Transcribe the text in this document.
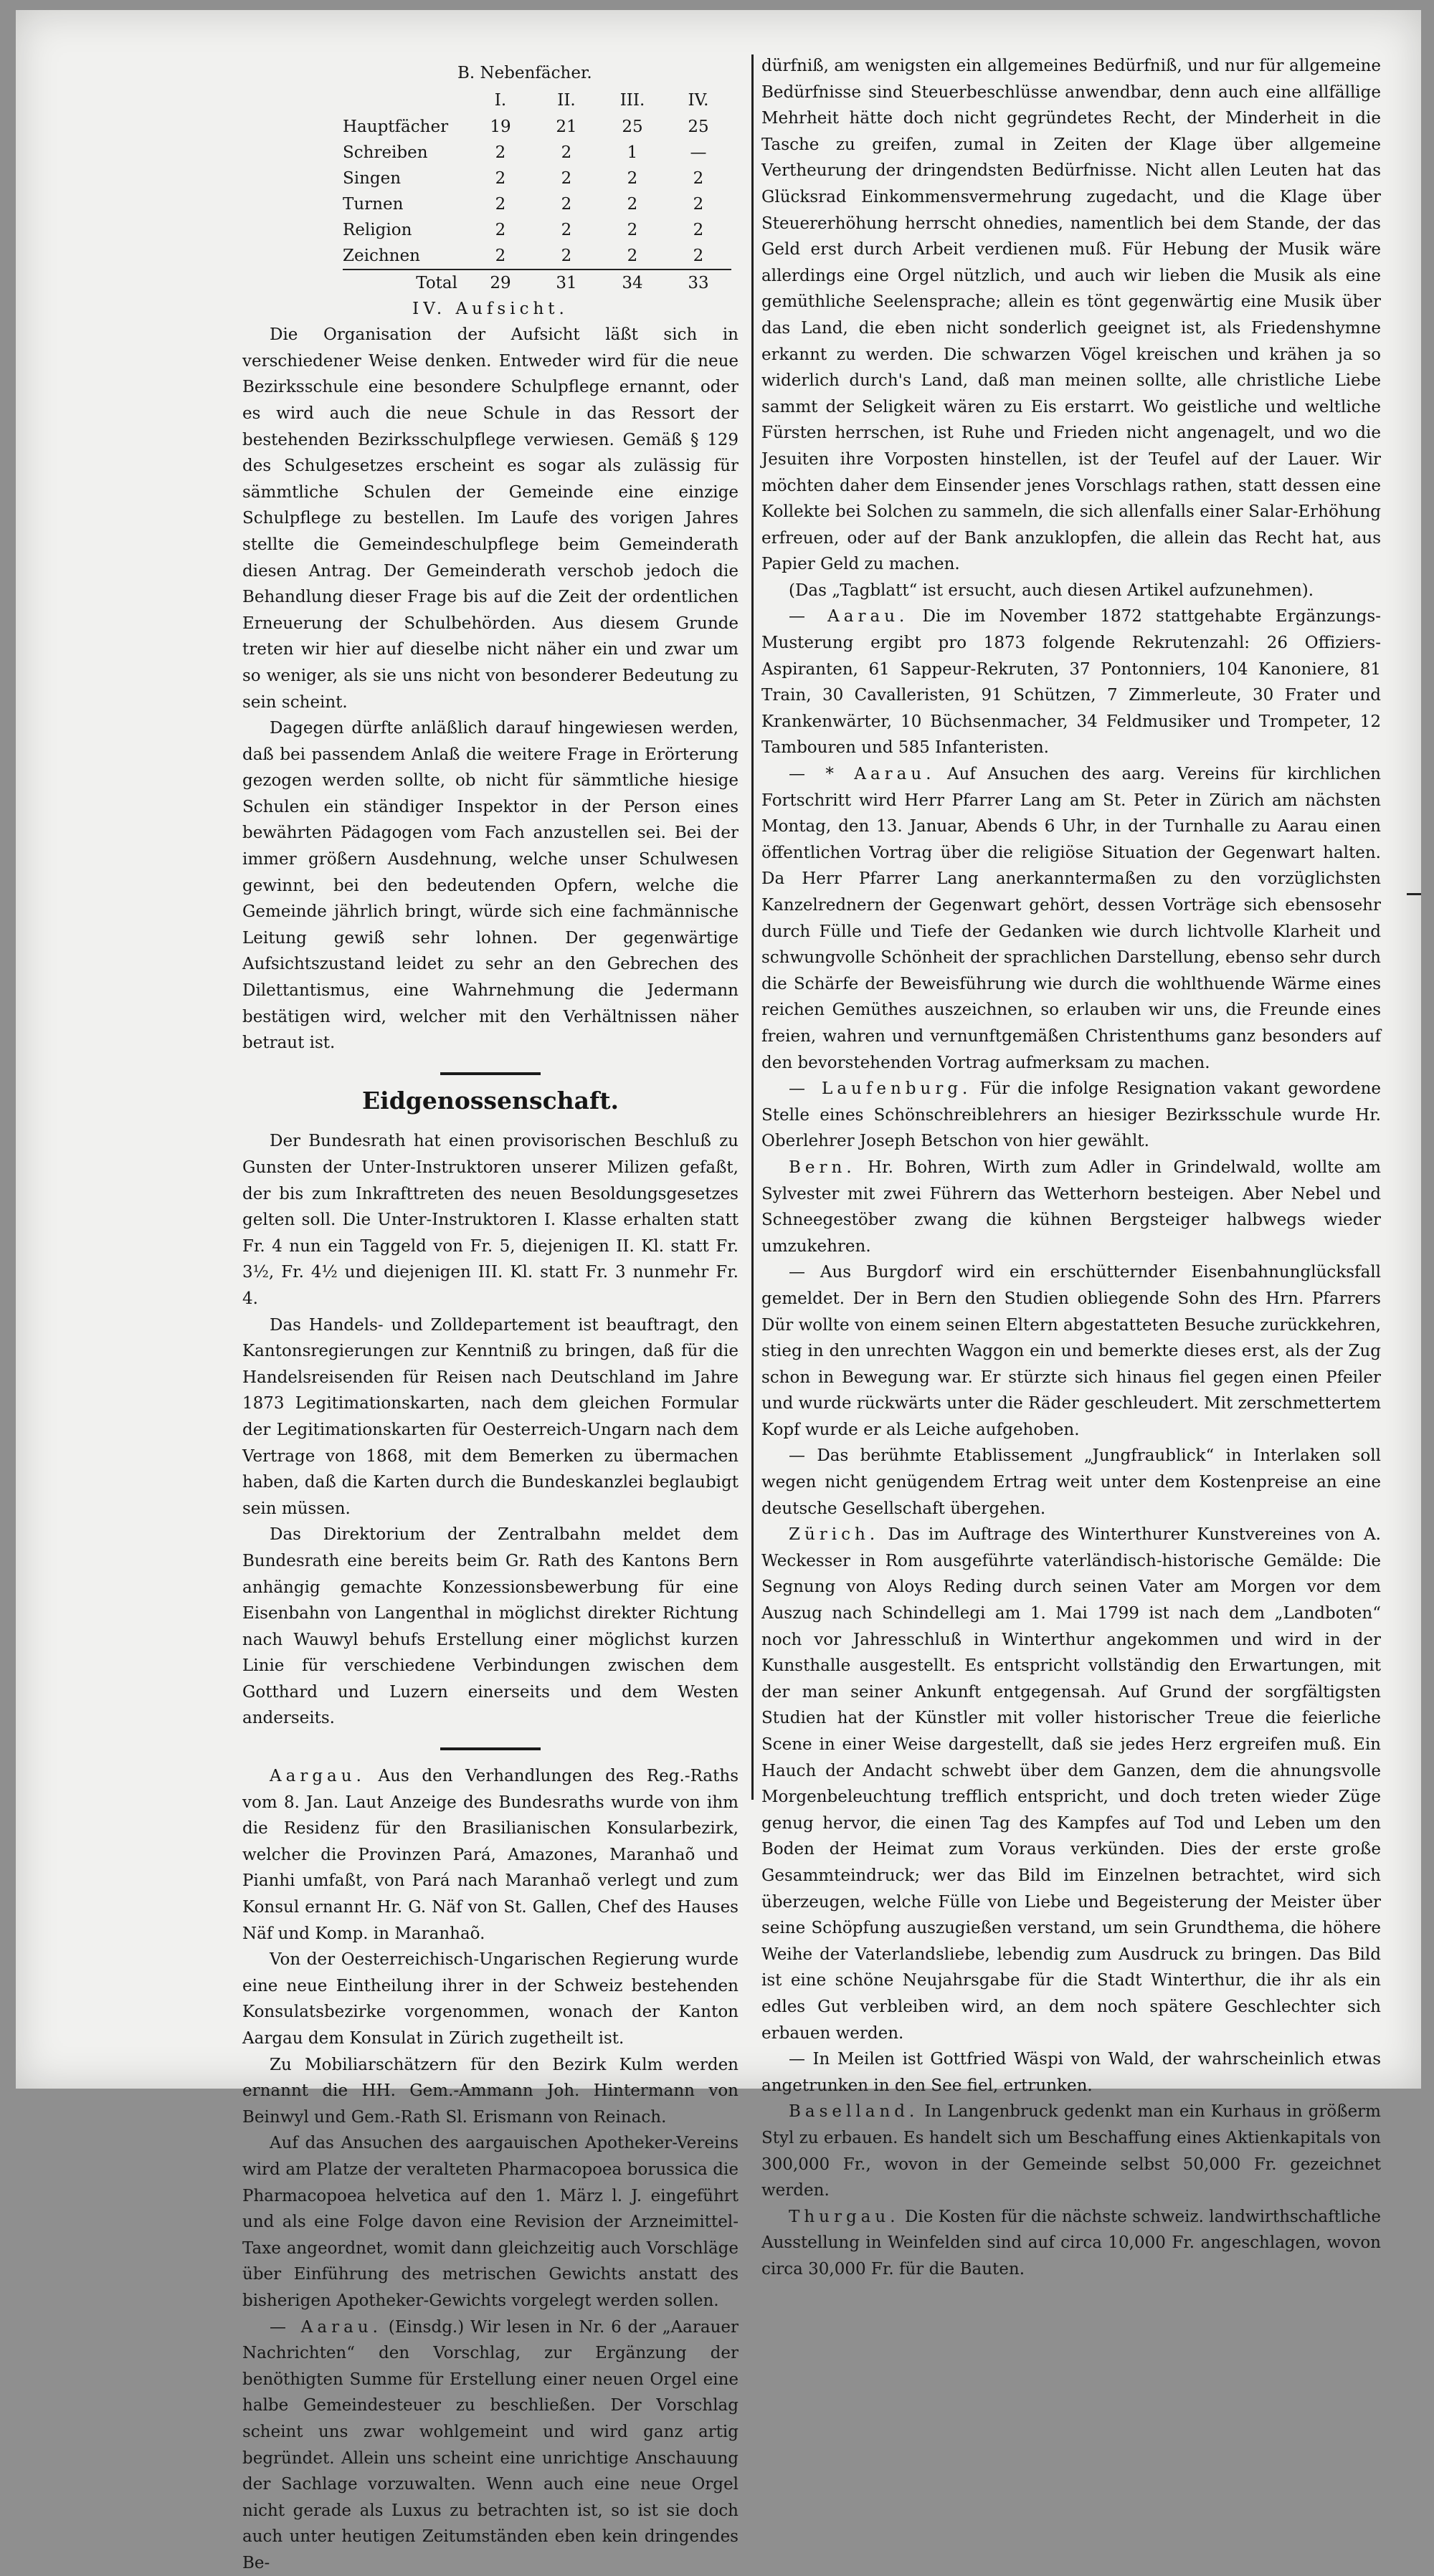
B. Nebenfächer.
	I.	II.	III.	IV.
Hauptfächer	19	21	25	25
Schreiben	2	2	1	—
Singen	2	2	2	2
Turnen	2	2	2	2
Religion	2	2	2	2
Zeichnen	2	2	2	2
Total	29	31	34	33

IV. Aufsicht.

Die Organisation der Aufsicht läßt sich in verschiedener Weise denken. Entweder wird für die neue Bezirksschule eine besondere Schulpflege ernannt, oder es wird auch die neue Schule in das Ressort der bestehenden Bezirksschulpflege verwiesen. Gemäß § 129 des Schulgesetzes erscheint es sogar als zulässig für sämmtliche Schulen der Gemeinde eine einzige Schulpflege zu bestellen. Im Laufe des vorigen Jahres stellte die Gemeindeschulpflege beim Gemeinderath diesen Antrag. Der Gemeinderath verschob jedoch die Behandlung dieser Frage bis auf die Zeit der ordentlichen Erneuerung der Schulbehörden. Aus diesem Grunde treten wir hier auf dieselbe nicht näher ein und zwar um so weniger, als sie uns nicht von besonderer Bedeutung zu sein scheint.

Dagegen dürfte anläßlich darauf hingewiesen werden, daß bei passendem Anlaß die weitere Frage in Erörterung gezogen werden sollte, ob nicht für sämmtliche hiesige Schulen ein ständiger Inspektor in der Person eines bewährten Pädagogen vom Fach anzustellen sei. Bei der immer größern Ausdehnung, welche unser Schulwesen gewinnt, bei den bedeutenden Opfern, welche die Gemeinde jährlich bringt, würde sich eine fachmännische Leitung gewiß sehr lohnen. Der gegenwärtige Aufsichtszustand leidet zu sehr an den Gebrechen des Dilettantismus, eine Wahrnehmung die Jedermann bestätigen wird, welcher mit den Verhältnissen näher betraut ist.

Eidgenossenschaft.

Der Bundesrath hat einen provisorischen Beschluß zu Gunsten der Unter-Instruktoren unserer Milizen gefaßt, der bis zum Inkrafttreten des neuen Besoldungsgesetzes gelten soll. Die Unter-Instruktoren I. Klasse erhalten statt Fr. 4 nun ein Taggeld von Fr. 5, diejenigen II. Kl. statt Fr. 3½, Fr. 4½ und diejenigen III. Kl. statt Fr. 3 nunmehr Fr. 4.

Das Handels- und Zolldepartement ist beauftragt, den Kantonsregierungen zur Kenntniß zu bringen, daß für die Handelsreisenden für Reisen nach Deutschland im Jahre 1873 Legitimationskarten, nach dem gleichen Formular der Legitimationskarten für Oesterreich-Ungarn nach dem Vertrage von 1868, mit dem Bemerken zu übermachen haben, daß die Karten durch die Bundeskanzlei beglaubigt sein müssen.

Das Direktorium der Zentralbahn meldet dem Bundesrath eine bereits beim Gr. Rath des Kantons Bern anhängig gemachte Konzessionsbewerbung für eine Eisenbahn von Langenthal in möglichst direkter Richtung nach Wauwyl behufs Erstellung einer möglichst kurzen Linie für verschiedene Verbindungen zwischen dem Gotthard und Luzern einerseits und dem Westen anderseits.

Aargau. Aus den Verhandlungen des Reg.-Raths vom 8. Jan. Laut Anzeige des Bundesraths wurde von ihm die Residenz für den Brasilianischen Konsularbezirk, welcher die Provinzen Pará, Amazones, Maranhaõ und Pianhi umfaßt, von Pará nach Maranhaõ verlegt und zum Konsul ernannt Hr. G. Näf von St. Gallen, Chef des Hauses Näf und Komp. in Maranhaõ.

Von der Oesterreichisch-Ungarischen Regierung wurde eine neue Eintheilung ihrer in der Schweiz bestehenden Konsulatsbezirke vorgenommen, wonach der Kanton Aargau dem Konsulat in Zürich zugetheilt ist.

Zu Mobiliarschätzern für den Bezirk Kulm werden ernannt die HH. Gem.-Ammann Joh. Hintermann von Beinwyl und Gem.-Rath Sl. Erismann von Reinach.

Auf das Ansuchen des aargauischen Apotheker-Vereins wird am Platze der veralteten Pharmacopoea borussica die Pharmacopoea helvetica auf den 1. März l. J. eingeführt und als eine Folge davon eine Revision der Arzneimittel-Taxe angeordnet, womit dann gleichzeitig auch Vorschläge über Einführung des metrischen Gewichts anstatt des bisherigen Apotheker-Gewichts vorgelegt werden sollen.

— Aarau. (Einsdg.) Wir lesen in Nr. 6 der „Aarauer Nachrichten“ den Vorschlag, zur Ergänzung der benöthigten Summe für Erstellung einer neuen Orgel eine halbe Gemeindesteuer zu beschließen. Der Vorschlag scheint uns zwar wohlgemeint und wird ganz artig begründet. Allein uns scheint eine unrichtige Anschauung der Sachlage vorzuwalten. Wenn auch eine neue Orgel nicht gerade als Luxus zu betrachten ist, so ist sie doch auch unter heutigen Zeitumständen eben kein dringendes Be-

dürfniß, am wenigsten ein allgemeines Bedürfniß, und nur für allgemeine Bedürfnisse sind Steuerbeschlüsse anwendbar, denn auch eine allfällige Mehrheit hätte doch nicht gegründetes Recht, der Minderheit in die Tasche zu greifen, zumal in Zeiten der Klage über allgemeine Vertheurung der dringendsten Bedürfnisse. Nicht allen Leuten hat das Glücksrad Einkommensvermehrung zugedacht, und die Klage über Steuererhöhung herrscht ohnedies, namentlich bei dem Stande, der das Geld erst durch Arbeit verdienen muß. Für Hebung der Musik wäre allerdings eine Orgel nützlich, und auch wir lieben die Musik als eine gemüthliche Seelensprache; allein es tönt gegenwärtig eine Musik über das Land, die eben nicht sonderlich geeignet ist, als Friedenshymne erkannt zu werden. Die schwarzen Vögel kreischen und krähen ja so widerlich durch's Land, daß man meinen sollte, alle christliche Liebe sammt der Seligkeit wären zu Eis erstarrt. Wo geistliche und weltliche Fürsten herrschen, ist Ruhe und Frieden nicht angenagelt, und wo die Jesuiten ihre Vorposten hinstellen, ist der Teufel auf der Lauer. Wir möchten daher dem Einsender jenes Vorschlags rathen, statt dessen eine Kollekte bei Solchen zu sammeln, die sich allenfalls einer Salar-Erhöhung erfreuen, oder auf der Bank anzuklopfen, die allein das Recht hat, aus Papier Geld zu machen.

(Das „Tagblatt“ ist ersucht, auch diesen Artikel aufzunehmen).

— Aarau. Die im November 1872 stattgehabte Ergänzungs-Musterung ergibt pro 1873 folgende Rekrutenzahl: 26 Offiziers-Aspiranten, 61 Sappeur-Rekruten, 37 Pontonniers, 104 Kanoniere, 81 Train, 30 Cavalleristen, 91 Schützen, 7 Zimmerleute, 30 Frater und Krankenwärter, 10 Büchsenmacher, 34 Feldmusiker und Trompeter, 12 Tambouren und 585 Infanteristen.

— * Aarau. Auf Ansuchen des aarg. Vereins für kirchlichen Fortschritt wird Herr Pfarrer Lang am St. Peter in Zürich am nächsten Montag, den 13. Januar, Abends 6 Uhr, in der Turnhalle zu Aarau einen öffentlichen Vortrag über die religiöse Situation der Gegenwart halten. Da Herr Pfarrer Lang anerkanntermaßen zu den vorzüglichsten Kanzelrednern der Gegenwart gehört, dessen Vorträge sich ebensosehr durch Fülle und Tiefe der Gedanken wie durch lichtvolle Klarheit und schwungvolle Schönheit der sprachlichen Darstellung, ebenso sehr durch die Schärfe der Beweisführung wie durch die wohlthuende Wärme eines reichen Gemüthes auszeichnen, so erlauben wir uns, die Freunde eines freien, wahren und vernunftgemäßen Christenthums ganz besonders auf den bevorstehenden Vortrag aufmerksam zu machen.

— Laufenburg. Für die infolge Resignation vakant gewordene Stelle eines Schönschreiblehrers an hiesiger Bezirksschule wurde Hr. Oberlehrer Joseph Betschon von hier gewählt.

Bern. Hr. Bohren, Wirth zum Adler in Grindelwald, wollte am Sylvester mit zwei Führern das Wetterhorn besteigen. Aber Nebel und Schneegestöber zwang die kühnen Bergsteiger halbwegs wieder umzukehren.

— Aus Burgdorf wird ein erschütternder Eisenbahnunglücksfall gemeldet. Der in Bern den Studien obliegende Sohn des Hrn. Pfarrers Dür wollte von einem seinen Eltern abgestatteten Besuche zurückkehren, stieg in den unrechten Waggon ein und bemerkte dieses erst, als der Zug schon in Bewegung war. Er stürzte sich hinaus fiel gegen einen Pfeiler und wurde rückwärts unter die Räder geschleudert. Mit zerschmettertem Kopf wurde er als Leiche aufgehoben.

— Das berühmte Etablissement „Jungfraublick“ in Interlaken soll wegen nicht genügendem Ertrag weit unter dem Kostenpreise an eine deutsche Gesellschaft übergehen.

Zürich. Das im Auftrage des Winterthurer Kunstvereines von A. Weckesser in Rom ausgeführte vaterländisch-historische Gemälde: Die Segnung von Aloys Reding durch seinen Vater am Morgen vor dem Auszug nach Schindellegi am 1. Mai 1799 ist nach dem „Landboten“ noch vor Jahresschluß in Winterthur angekommen und wird in der Kunsthalle ausgestellt. Es entspricht vollständig den Erwartungen, mit der man seiner Ankunft entgegensah. Auf Grund der sorgfältigsten Studien hat der Künstler mit voller historischer Treue die feierliche Scene in einer Weise dargestellt, daß sie jedes Herz ergreifen muß. Ein Hauch der Andacht schwebt über dem Ganzen, dem die ahnungsvolle Morgenbeleuchtung trefflich entspricht, und doch treten wieder Züge genug hervor, die einen Tag des Kampfes auf Tod und Leben um den Boden der Heimat zum Voraus verkünden. Dies der erste große Gesammteindruck; wer das Bild im Einzelnen betrachtet, wird sich überzeugen, welche Fülle von Liebe und Begeisterung der Meister über seine Schöpfung auszugießen verstand, um sein Grundthema, die höhere Weihe der Vaterlandsliebe, lebendig zum Ausdruck zu bringen. Das Bild ist eine schöne Neujahrsgabe für die Stadt Winterthur, die ihr als ein edles Gut verbleiben wird, an dem noch spätere Geschlechter sich erbauen werden.

— In Meilen ist Gottfried Wäspi von Wald, der wahrscheinlich etwas angetrunken in den See fiel, ertrunken.

Baselland. In Langenbruck gedenkt man ein Kurhaus in größerm Styl zu erbauen. Es handelt sich um Beschaffung eines Aktienkapitals von 300,000 Fr., wovon in der Gemeinde selbst 50,000 Fr. gezeichnet werden.

Thurgau. Die Kosten für die nächste schweiz. landwirthschaftliche Ausstellung in Weinfelden sind auf circa 10,000 Fr. angeschlagen, wovon circa 30,000 Fr. für die Bauten.
